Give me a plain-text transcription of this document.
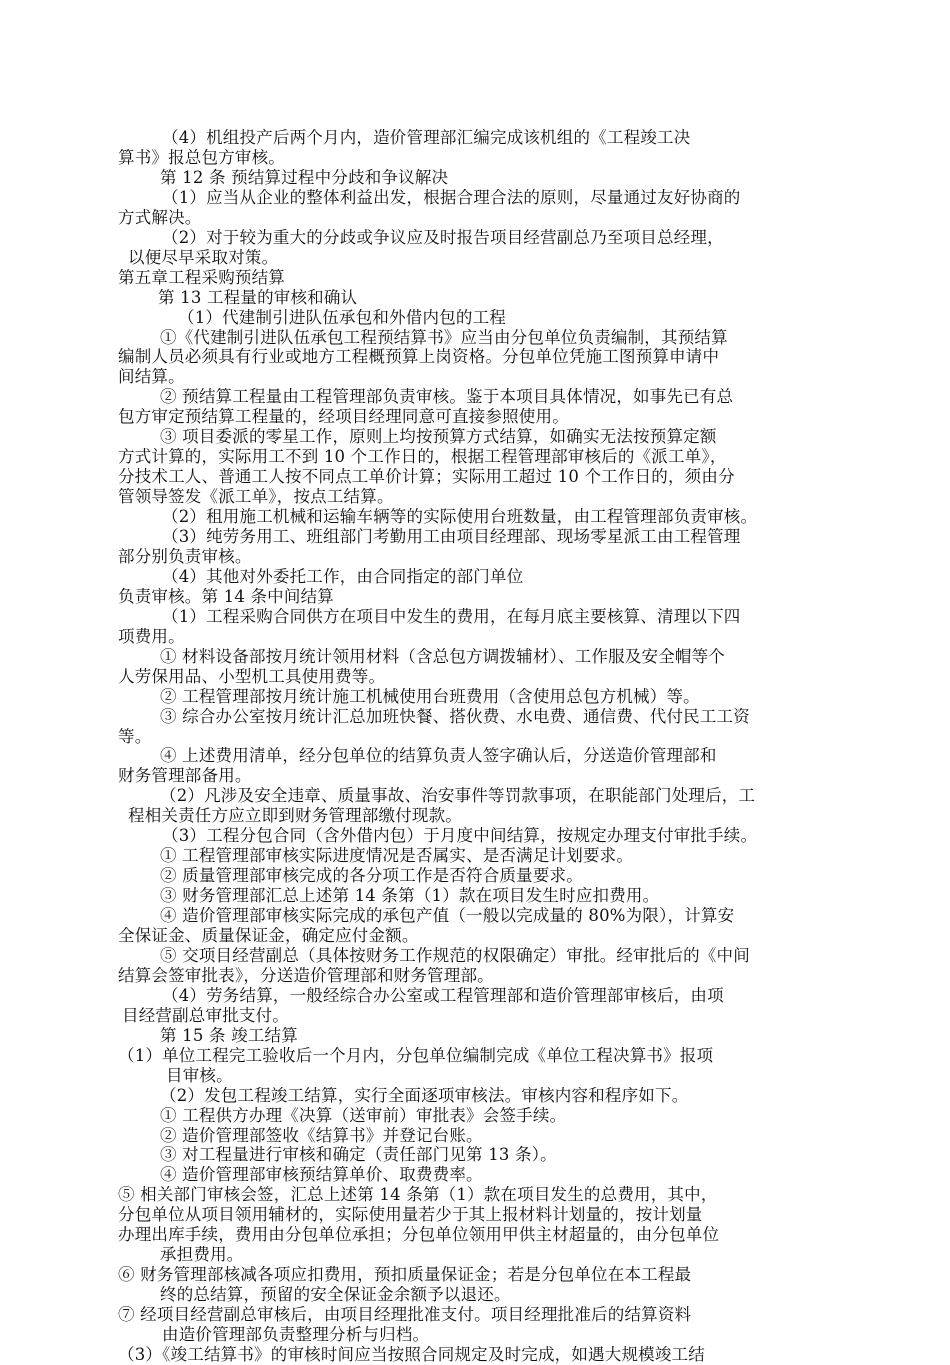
（4）机组投产后两个月内，造价管理部汇编完成该机组的《工程竣工决
算书》报总包方审核。
第 12 条 预结算过程中分歧和争议解决
（1）应当从企业的整体利益出发，根据合理合法的原则，尽量通过友好协商的
方式解决。
（2）对于较为重大的分歧或争议应及时报告项目经营副总乃至项目总经理，
以便尽早采取对策。
第五章工程采购预结算
第 13 工程量的审核和确认
（1）代建制引进队伍承包和外借内包的工程
①《代建制引进队伍承包工程预结算书》应当由分包单位负责编制，其预结算
编制人员必须具有行业或地方工程概预算上岗资格。分包单位凭施工图预算申请中
间结算。
② 预结算工程量由工程管理部负责审核。鉴于本项目具体情况，如事先已有总
包方审定预结算工程量的，经项目经理同意可直接参照使用。
③ 项目委派的零星工作，原则上均按预算方式结算，如确实无法按预算定额
方式计算的，实际用工不到 10 个工作日的，根据工程管理部审核后的《派工单》，
分技术工人、普通工人按不同点工单价计算；实际用工超过 10 个工作日的，须由分
管领导签发《派工单》，按点工结算。
（2）租用施工机械和运输车辆等的实际使用台班数量，由工程管理部负责审核。
（3）纯劳务用工、班组部门考勤用工由项目经理部、现场零星派工由工程管理
部分别负责审核。
（4）其他对外委托工作，由合同指定的部门单位
负责审核。第 14 条中间结算
（1）工程采购合同供方在项目中发生的费用，在每月底主要核算、清理以下四
项费用。
① 材料设备部按月统计领用材料（含总包方调拨辅材）、工作服及安全帽等个
人劳保用品、小型机工具使用费等。
② 工程管理部按月统计施工机械使用台班费用（含使用总包方机械）等。
③ 综合办公室按月统计汇总加班快餐、搭伙费、水电费、通信费、代付民工工资
等。
④ 上述费用清单，经分包单位的结算负责人签字确认后，分送造价管理部和
财务管理部备用。
（2）凡涉及安全违章、质量事故、治安事件等罚款事项，在职能部门处理后，工
程相关责任方应立即到财务管理部缴付现款。
（3）工程分包合同（含外借内包）于月度中间结算，按规定办理支付审批手续。
① 工程管理部审核实际进度情况是否属实、是否满足计划要求。
② 质量管理部审核完成的各分项工作是否符合质量要求。
③ 财务管理部汇总上述第 14 条第（1）款在项目发生时应扣费用。
④ 造价管理部审核实际完成的承包产值（一般以完成量的 80%为限），计算安
全保证金、质量保证金，确定应付金额。
⑤ 交项目经营副总（具体按财务工作规范的权限确定）审批。经审批后的《中间
结算会签审批表》，分送造价管理部和财务管理部。
（4）劳务结算，一般经综合办公室或工程管理部和造价管理部审核后，由项
目经营副总审批支付。
第 15 条 竣工结算
（1）单位工程完工验收后一个月内，分包单位编制完成《单位工程决算书》报项
目审核。
（2）发包工程竣工结算，实行全面逐项审核法。审核内容和程序如下。
① 工程供方办理《决算（送审前）审批表》会签手续。
② 造价管理部签收《结算书》并登记台账。
③ 对工程量进行审核和确定（责任部门见第 13 条）。
④ 造价管理部审核预结算单价、取费费率。
⑤ 相关部门审核会签，汇总上述第 14 条第（1）款在项目发生的总费用，其中，
分包单位从项目领用辅材的，实际使用量若少于其上报材料计划量的，按计划量
办理出库手续，费用由分包单位承担；分包单位领用甲供主材超量的，由分包单位
承担费用。
⑥ 财务管理部核减各项应扣费用，预扣质量保证金；若是分包单位在本工程最
终的总结算，预留的安全保证金余额予以退还。
⑦ 经项目经营副总审核后，由项目经理批准支付。项目经理批准后的结算资料
由造价管理部负责整理分析与归档。
（3）《竣工结算书》的审核时间应当按照合同规定及时完成，如遇大规模竣工结
